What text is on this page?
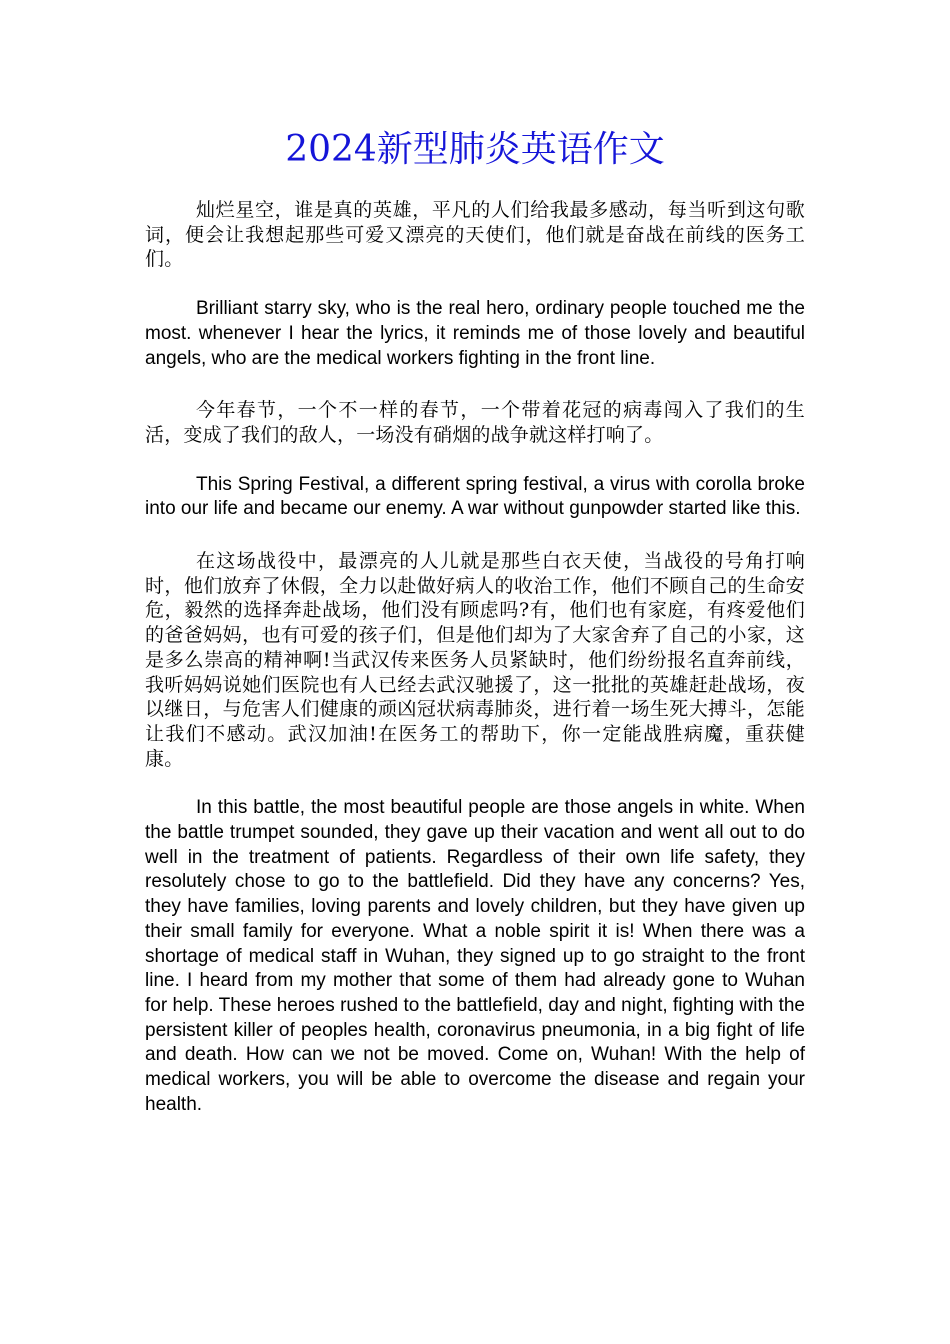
2024新型肺炎英语作文

灿烂星空，谁是真的英雄，平凡的人们给我最多感动，每当听到这句歌词，便会让我想起那些可爱又漂亮的天使们，他们就是奋战在前线的医务工们。

Brilliant starry sky, who is the real hero, ordinary people touched me the most. whenever I hear the lyrics, it reminds me of those lovely and beautiful angels, who are the medical workers fighting in the front line.

今年春节，一个不一样的春节，一个带着花冠的病毒闯入了我们的生活，变成了我们的敌人，一场没有硝烟的战争就这样打响了。

This Spring Festival, a different spring festival, a virus with corolla broke into our life and became our enemy. A war without gunpowder started like this.

在这场战役中，最漂亮的人儿就是那些白衣天使，当战役的号角打响时，他们放弃了休假，全力以赴做好病人的收治工作，他们不顾自己的生命安危，毅然的选择奔赴战场，他们没有顾虑吗?有，他们也有家庭，有疼爱他们的爸爸妈妈，也有可爱的孩子们，但是他们却为了大家舍弃了自己的小家，这是多么崇高的精神啊!当武汉传来医务人员紧缺时，他们纷纷报名直奔前线，我听妈妈说她们医院也有人已经去武汉驰援了，这一批批的英雄赶赴战场，夜以继日，与危害人们健康的顽凶冠状病毒肺炎，进行着一场生死大搏斗，怎能让我们不感动。武汉加油!在医务工的帮助下，你一定能战胜病魔，重获健康。

In this battle, the most beautiful people are those angels in white. When the battle trumpet sounded, they gave up their vacation and went all out to do well in the treatment of patients. Regardless of their own life safety, they resolutely chose to go to the battlefield. Did they have any concerns? Yes, they have families, loving parents and lovely children, but they have given up their small family for everyone. What a noble spirit it is! When there was a shortage of medical staff in Wuhan, they signed up to go straight to the front line. I heard from my mother that some of them had already gone to Wuhan for help. These heroes rushed to the battlefield, day and night, fighting with the persistent killer of peoples health, coronavirus pneumonia, in a big fight of life and death. How can we not be moved. Come on, Wuhan! With the help of medical workers, you will be able to overcome the disease and regain your health.
